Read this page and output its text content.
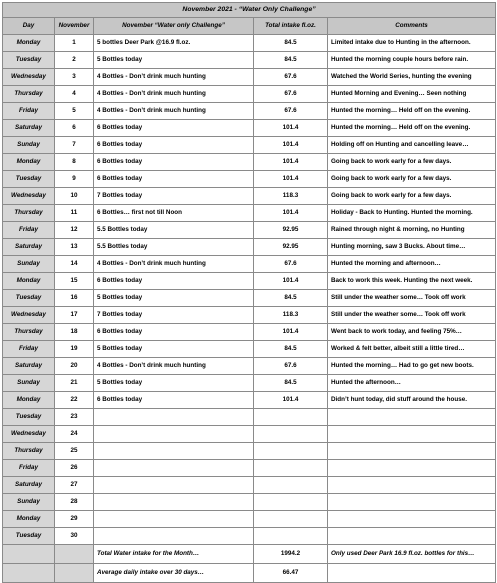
November 2021 - “Water Only Challenge”				
Day	November	November “Water only Challenge”	Total intake fl.oz.	Comments
Monday	1	5 bottles Deer Park @16.9 fl.oz.	84.5	Limited intake due to Hunting in the afternoon.
Tuesday	2	5 Bottles today	84.5	Hunted the morning couple hours before rain.
Wednesday	3	4 Bottles - Don’t drink much hunting	67.6	Watched the World Series, hunting the evening
Thursday	4	4 Bottles - Don’t drink much hunting	67.6	Hunted Morning and Evening… Seen nothing
Friday	5	4 Bottles - Don’t drink much hunting	67.6	Hunted the morning… Held off on the evening.
Saturday	6	6 Bottles today	101.4	Hunted the morning… Held off on the evening.
Sunday	7	6 Bottles today	101.4	Holding off on Hunting and cancelling leave…
Monday	8	6 Bottles today	101.4	Going back to work early for a few days.
Tuesday	9	6 Bottles today	101.4	Going back to work early for a few days.
Wednesday	10	7 Bottles today	118.3	Going back to work early for a few days.
Thursday	11	6 Bottles… first not till Noon	101.4	Holiday - Back to Hunting. Hunted the morning.
Friday	12	5.5 Bottles today	92.95	Rained through night & morning, no Hunting
Saturday	13	5.5 Bottles today	92.95	Hunting morning, saw 3 Bucks. About time…
Sunday	14	4 Bottles - Don’t drink much hunting	67.6	Hunted the morning and afternoon…
Monday	15	6 Bottles today	101.4	Back to work this week. Hunting the next week.
Tuesday	16	5 Bottles today	84.5	Still under the weather some… Took off work
Wednesday	17	7 Bottles today	118.3	Still under the weather some… Took off work
Thursday	18	6 Bottles today	101.4	Went back to work today, and feeling 75%…
Friday	19	5 Bottles today	84.5	Worked & felt better, albeit still a little tired…
Saturday	20	4 Bottles - Don’t drink much hunting	67.6	Hunted the morning… Had to go get new boots.
Sunday	21	5 Bottles today	84.5	Hunted the afternoon…
Monday	22	6 Bottles today	101.4	Didn’t hunt today, did stuff around the house.
Tuesday	23			
Wednesday	24			
Thursday	25			
Friday	26			
Saturday	27			
Sunday	28			
Monday	29			
Tuesday	30			
		Total Water intake for the Month…	1994.2	Only used Deer Park 16.9 fl.oz. bottles for this…
		Average daily intake over 30 days…	66.47	
